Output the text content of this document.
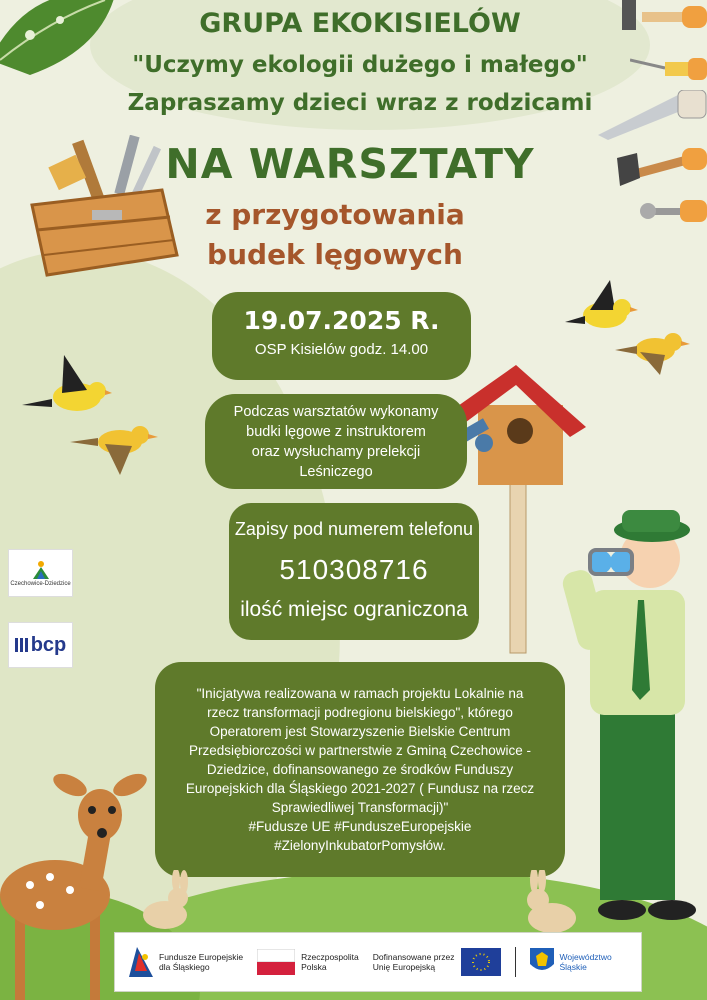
GRUPA EKOKISIELÓW
"Uczymy ekologii dużego i małego"
Zapraszamy dzieci wraz z rodzicami
NA WARSZTATY
z przygotowania
budek lęgowych
19.07.2025 R.
OSP Kisielów godz. 14.00
Podczas warsztatów wykonamy
budki lęgowe z instruktorem
oraz wysłuchamy prelekcji
Leśniczego
Zapisy pod numerem telefonu
510308716
ilość miejsc ograniczona
"Inicjatywa realizowana w ramach projektu Lokalnie na
rzecz transformacji podregionu bielskiego", którego
Operatorem jest Stowarzyszenie Bielskie Centrum
Przedsiębiorczości w partnerstwie z Gminą Czechowice -
Dziedzice, dofinansowanego ze środków Funduszy
Europejskich dla Śląskiego 2021-2027 ( Fundusz na rzecz
Sprawiedliwej Transformacji)"
#Fudusze UE #FunduszeEuropejskie
#ZielonyInkubatorPomysłów.
Czechowice-Dziedzice
bcp
Fundusze Europejskie
dla Śląskiego
Rzeczpospolita
Polska
Dofinansowane przez
Unię Europejską
Województwo
Śląskie
